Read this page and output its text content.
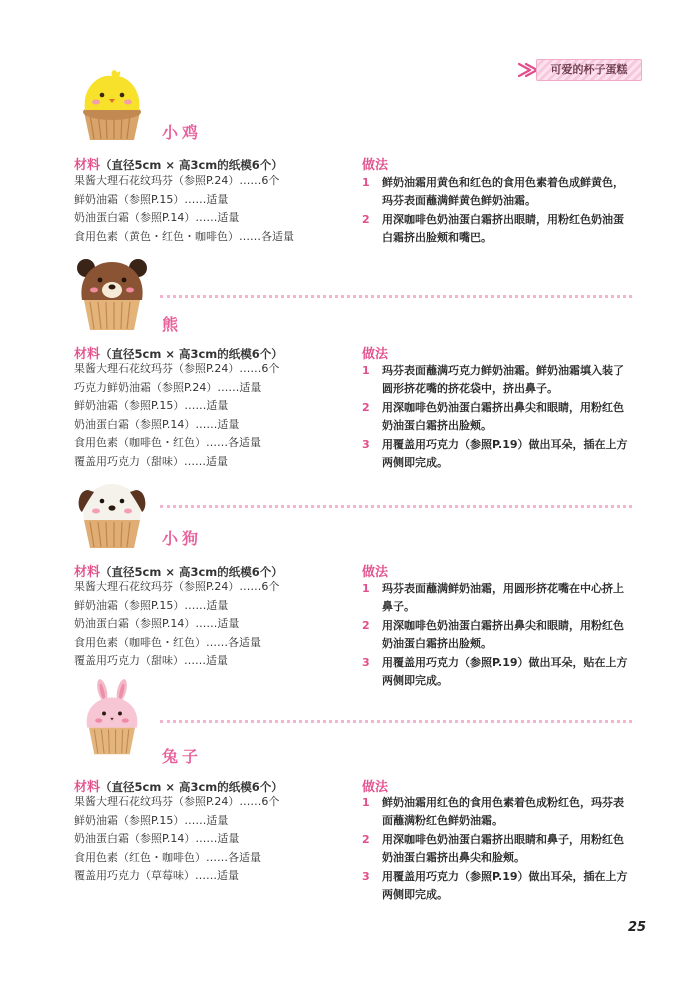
可爱的杯子蛋糕
小鸡
材料（直径5cm × 高3cm的纸模6个）
果酱大理石花纹玛芬（参照P.24）……6个
鲜奶油霜（参照P.15）……适量
奶油蛋白霜（参照P.14）……适量
食用色素（黄色・红色・咖啡色）……各适量
做法
1 鲜奶油霜用黄色和红色的食用色素着色成鲜黄色，玛芬表面蘸满鲜黄色鲜奶油霜。
2 用深咖啡色奶油蛋白霜挤出眼睛，用粉红色奶油蛋白霜挤出脸颊和嘴巴。
熊
材料（直径5cm × 高3cm的纸模6个）
果酱大理石花纹玛芬（参照P.24）……6个
巧克力鲜奶油霜（参照P.24）……适量
鲜奶油霜（参照P.15）……适量
奶油蛋白霜（参照P.14）……适量
食用色素（咖啡色・红色）……各适量
覆盖用巧克力（甜味）……适量
做法
1 玛芬表面蘸满巧克力鲜奶油霜。鲜奶油霜填入装了圆形挤花嘴的挤花袋中，挤出鼻子。
2 用深咖啡色奶油蛋白霜挤出鼻尖和眼睛，用粉红色奶油蛋白霜挤出脸颊。
3 用覆盖用巧克力（参照P.19）做出耳朵，插在上方两侧即完成。
小狗
材料（直径5cm × 高3cm的纸模6个）
果酱大理石花纹玛芬（参照P.24）……6个
鲜奶油霜（参照P.15）……适量
奶油蛋白霜（参照P.14）……适量
食用色素（咖啡色・红色）……各适量
覆盖用巧克力（甜味）……适量
做法
1 玛芬表面蘸满鲜奶油霜，用圆形挤花嘴在中心挤上鼻子。
2 用深咖啡色奶油蛋白霜挤出鼻尖和眼睛，用粉红色奶油蛋白霜挤出脸颊。
3 用覆盖用巧克力（参照P.19）做出耳朵，贴在上方两侧即完成。
兔子
材料（直径5cm × 高3cm的纸模6个）
果酱大理石花纹玛芬（参照P.24）……6个
鲜奶油霜（参照P.15）……适量
奶油蛋白霜（参照P.14）……适量
食用色素（红色・咖啡色）……各适量
覆盖用巧克力（草莓味）……适量
做法
1 鲜奶油霜用红色的食用色素着色成粉红色，玛芬表面蘸满粉红色鲜奶油霜。
2 用深咖啡色奶油蛋白霜挤出眼睛和鼻子，用粉红色奶油蛋白霜挤出鼻尖和脸颊。
3 用覆盖用巧克力（参照P.19）做出耳朵，插在上方两侧即完成。
25
